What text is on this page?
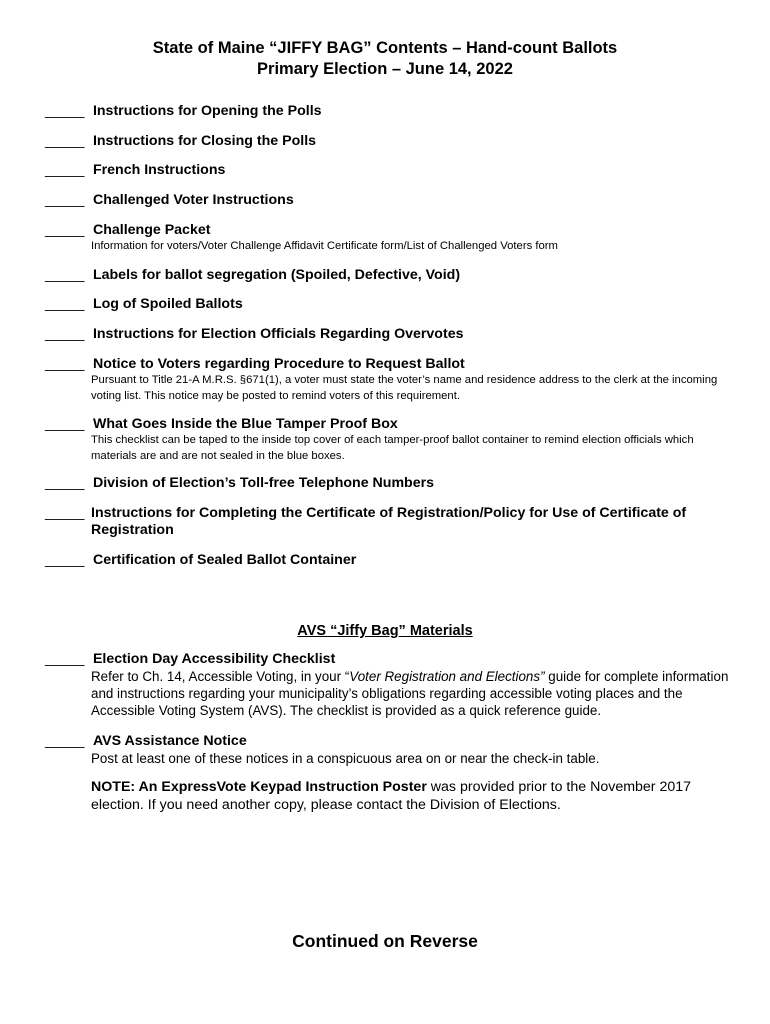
State of Maine “JIFFY BAG” Contents – Hand-count Ballots
Primary Election – June 14, 2022
_____ Instructions for Opening the Polls
_____ Instructions for Closing the Polls
_____ French Instructions
_____ Challenged Voter Instructions
_____ Challenge Packet
Information for voters/Voter Challenge Affidavit Certificate form/List of Challenged Voters form
_____ Labels for ballot segregation (Spoiled, Defective, Void)
_____ Log of Spoiled Ballots
_____ Instructions for Election Officials Regarding Overvotes
_____ Notice to Voters regarding Procedure to Request Ballot
Pursuant to Title 21-A M.R.S. §671(1), a voter must state the voter’s name and residence address to the clerk at the incoming voting list. This notice may be posted to remind voters of this requirement.
_____ What Goes Inside the Blue Tamper Proof Box
This checklist can be taped to the inside top cover of each tamper-proof ballot container to remind election officials which materials are and are not sealed in the blue boxes.
_____ Division of Election’s Toll-free Telephone Numbers
_____ Instructions for Completing the Certificate of Registration/Policy for Use of Certificate of Registration
_____ Certification of Sealed Ballot Container
AVS “Jiffy Bag” Materials
_____ Election Day Accessibility Checklist
Refer to Ch. 14, Accessible Voting, in your “Voter Registration and Elections” guide for complete information and instructions regarding your municipality’s obligations regarding accessible voting places and the Accessible Voting System (AVS). The checklist is provided as a quick reference guide.
_____ AVS Assistance Notice
Post at least one of these notices in a conspicuous area on or near the check-in table.
NOTE: An ExpressVote Keypad Instruction Poster was provided prior to the November 2017 election. If you need another copy, please contact the Division of Elections.
Continued on Reverse
